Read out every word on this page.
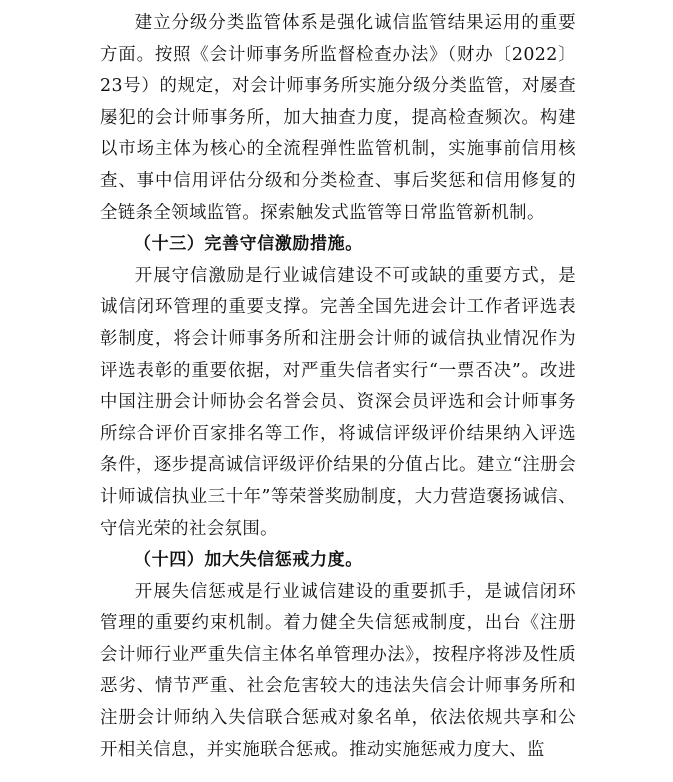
建立分级分类监管体系是强化诚信监管结果运用的重要方面。按照《会计师事务所监督检查办法》（财办〔2022〕23号）的规定，对会计师事务所实施分级分类监管，对屡查屡犯的会计师事务所，加大抽查力度，提高检查频次。构建以市场主体为核心的全流程弹性监管机制，实施事前信用核查、事中信用评估分级和分类检查、事后奖惩和信用修复的全链条全领域监管。探索触发式监管等日常监管新机制。

（十三）完善守信激励措施。

开展守信激励是行业诚信建设不可或缺的重要方式，是诚信闭环管理的重要支撑。完善全国先进会计工作者评选表彰制度，将会计师事务所和注册会计师的诚信执业情况作为评选表彰的重要依据，对严重失信者实行“一票否决”。改进中国注册会计师协会名誉会员、资深会员评选和会计师事务所综合评价百家排名等工作，将诚信评级评价结果纳入评选条件，逐步提高诚信评级评价结果的分值占比。建立“注册会计师诚信执业三十年”等荣誉奖励制度，大力营造褒扬诚信、守信光荣的社会氛围。

（十四）加大失信惩戒力度。

开展失信惩戒是行业诚信建设的重要抓手，是诚信闭环管理的重要约束机制。着力健全失信惩戒制度，出台《注册会计师行业严重失信主体名单管理办法》，按程序将涉及性质恶劣、情节严重、社会危害较大的违法失信会计师事务所和注册会计师纳入失信联合惩戒对象名单，依法依规共享和公开相关信息，并实施联合惩戒。推动实施惩戒力度大、监
